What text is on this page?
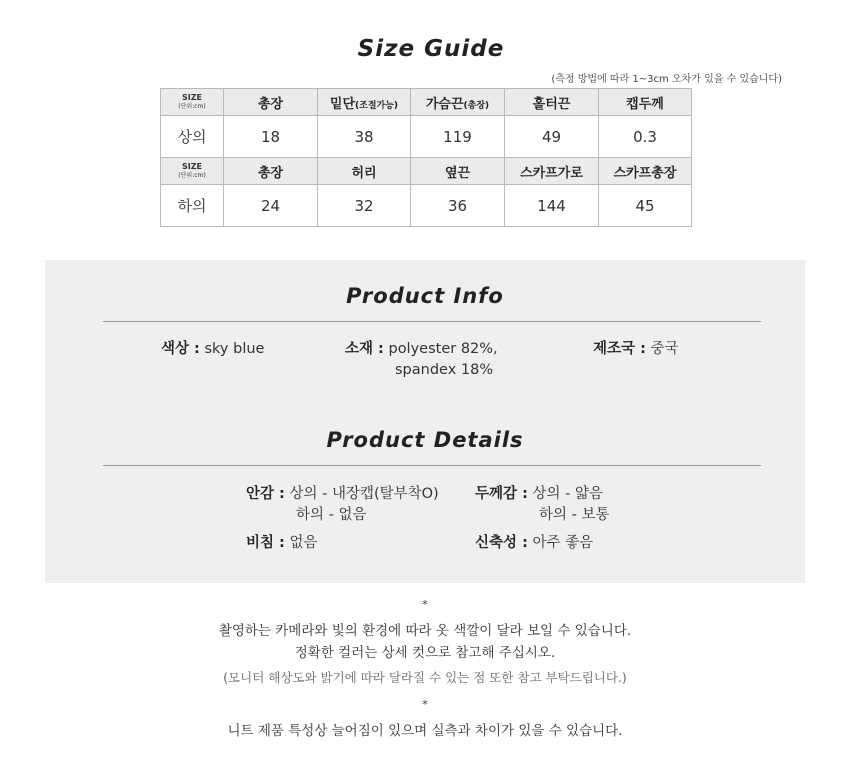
Size Guide
(측정 방법에 따라 1~3cm 오차가 있을 수 있습니다)
SIZE
(단위:cm)	총장	밑단(조절가능)	가슴끈(총장)	홀터끈	캡두께
상의	18	38	119	49	0.3

SIZE
(단위:cm)	총장	허리	옆끈	스카프가로	스카프총장
하의	24	32	36	144	45
Product Info
색상 : sky blue	소재 : polyester 82%,
spandex 18%
제조국 : 중국
Product Details
안감 : 상의 - 내장캡(탈부착O)
하의 - 없음
두께감 : 상의 - 얇음
하의 - 보통
비침 : 없음	신축성 : 아주 좋음
*
촬영하는 카메라와 빛의 환경에 따라 옷 색깔이 달라 보일 수 있습니다.
정확한 컬러는 상세 컷으로 참고해 주십시오.
(모니터 해상도와 밝기에 따라 달라질 수 있는 점 또한 참고 부탁드립니다.)
*
니트 제품 특성상 늘어짐이 있으며 실측과 차이가 있을 수 있습니다.
